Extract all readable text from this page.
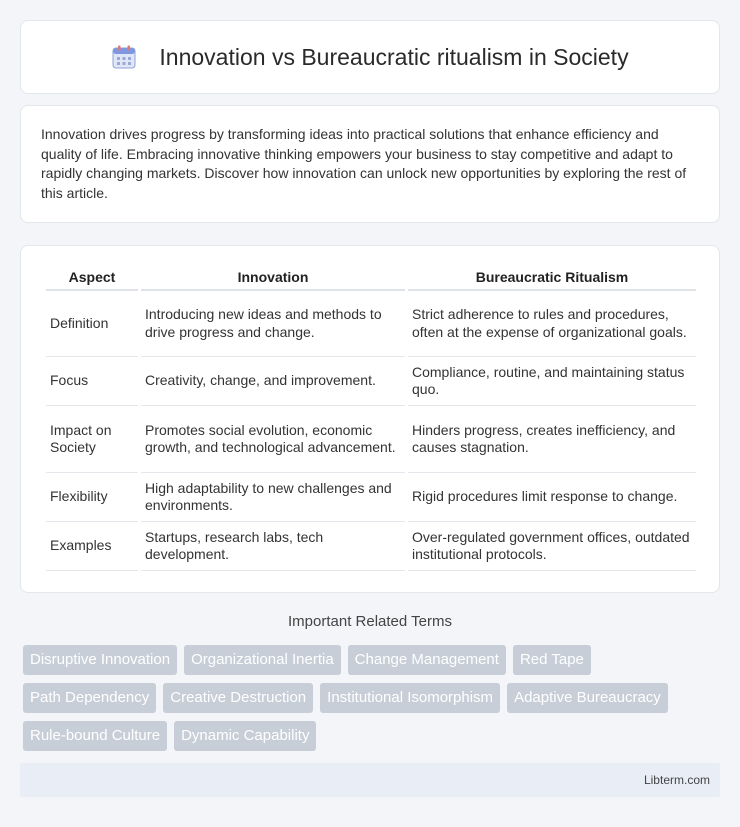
Innovation vs Bureaucratic ritualism in Society

Innovation drives progress by transforming ideas into practical solutions that enhance efficiency and quality of life. Embracing innovative thinking empowers your business to stay competitive and adapt to rapidly changing markets. Discover how innovation can unlock new opportunities by exploring the rest of this article.

Aspect	Innovation	Bureaucratic Ritualism
Definition	Introducing new ideas and methods to drive progress and change.	Strict adherence to rules and procedures, often at the expense of organizational goals.
Focus	Creativity, change, and improvement.	Compliance, routine, and maintaining status quo.
Impact on Society	Promotes social evolution, economic growth, and technological advancement.	Hinders progress, creates inefficiency, and causes stagnation.
Flexibility	High adaptability to new challenges and environments.	Rigid procedures limit response to change.
Examples	Startups, research labs, tech development.	Over-regulated government offices, outdated institutional protocols.
Important Related Terms
Disruptive Innovation	Organizational Inertia	Change Management	Red Tape
Path Dependency	Creative Destruction	Institutional Isomorphism	Adaptive Bureaucracy
Rule-bound Culture	Dynamic Capability
Libterm.com
